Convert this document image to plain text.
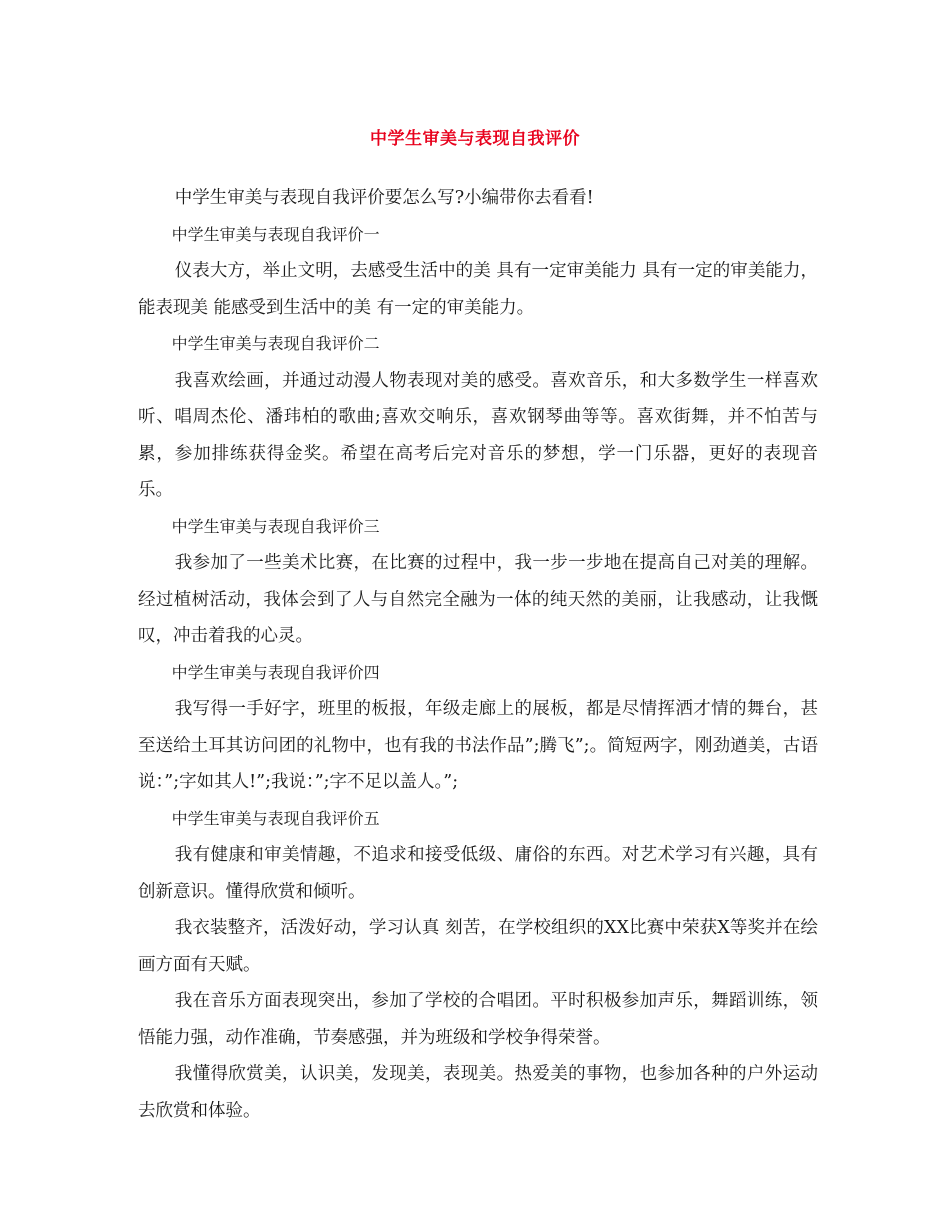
中学生审美与表现自我评价

中学生审美与表现自我评价要怎么写?小编带你去看看!

中学生审美与表现自我评价一

仪表大方，举止文明，去感受生活中的美 具有一定审美能力 具有一定的审美能力，能表现美 能感受到生活中的美 有一定的审美能力。

中学生审美与表现自我评价二

我喜欢绘画，并通过动漫人物表现对美的感受。喜欢音乐，和大多数学生一样喜欢听、唱周杰伦、潘玮柏的歌曲;喜欢交响乐，喜欢钢琴曲等等。喜欢街舞，并不怕苦与累，参加排练获得金奖。希望在高考后完对音乐的梦想，学一门乐器，更好的表现音乐。

中学生审美与表现自我评价三

我参加了一些美术比赛，在比赛的过程中，我一步一步地在提高自己对美的理解。经过植树活动，我体会到了人与自然完全融为一体的纯天然的美丽，让我感动，让我慨叹，冲击着我的心灵。

中学生审美与表现自我评价四

我写得一手好字，班里的板报，年级走廊上的展板，都是尽情挥洒才情的舞台，甚至送给土耳其访问团的礼物中，也有我的书法作品”;腾飞”;。简短两字，刚劲遒美，古语说：”;字如其人!”;我说：”;字不足以盖人。”;

中学生审美与表现自我评价五

我有健康和审美情趣，不追求和接受低级、庸俗的东西。对艺术学习有兴趣，具有创新意识。懂得欣赏和倾听。

我衣装整齐，活泼好动，学习认真 刻苦，在学校组织的XX比赛中荣获X等奖并在绘画方面有天赋。

我在音乐方面表现突出，参加了学校的合唱团。平时积极参加声乐，舞蹈训练，领悟能力强，动作准确，节奏感强，并为班级和学校争得荣誉。

我懂得欣赏美，认识美，发现美，表现美。热爱美的事物，也参加各种的户外运动去欣赏和体验。
